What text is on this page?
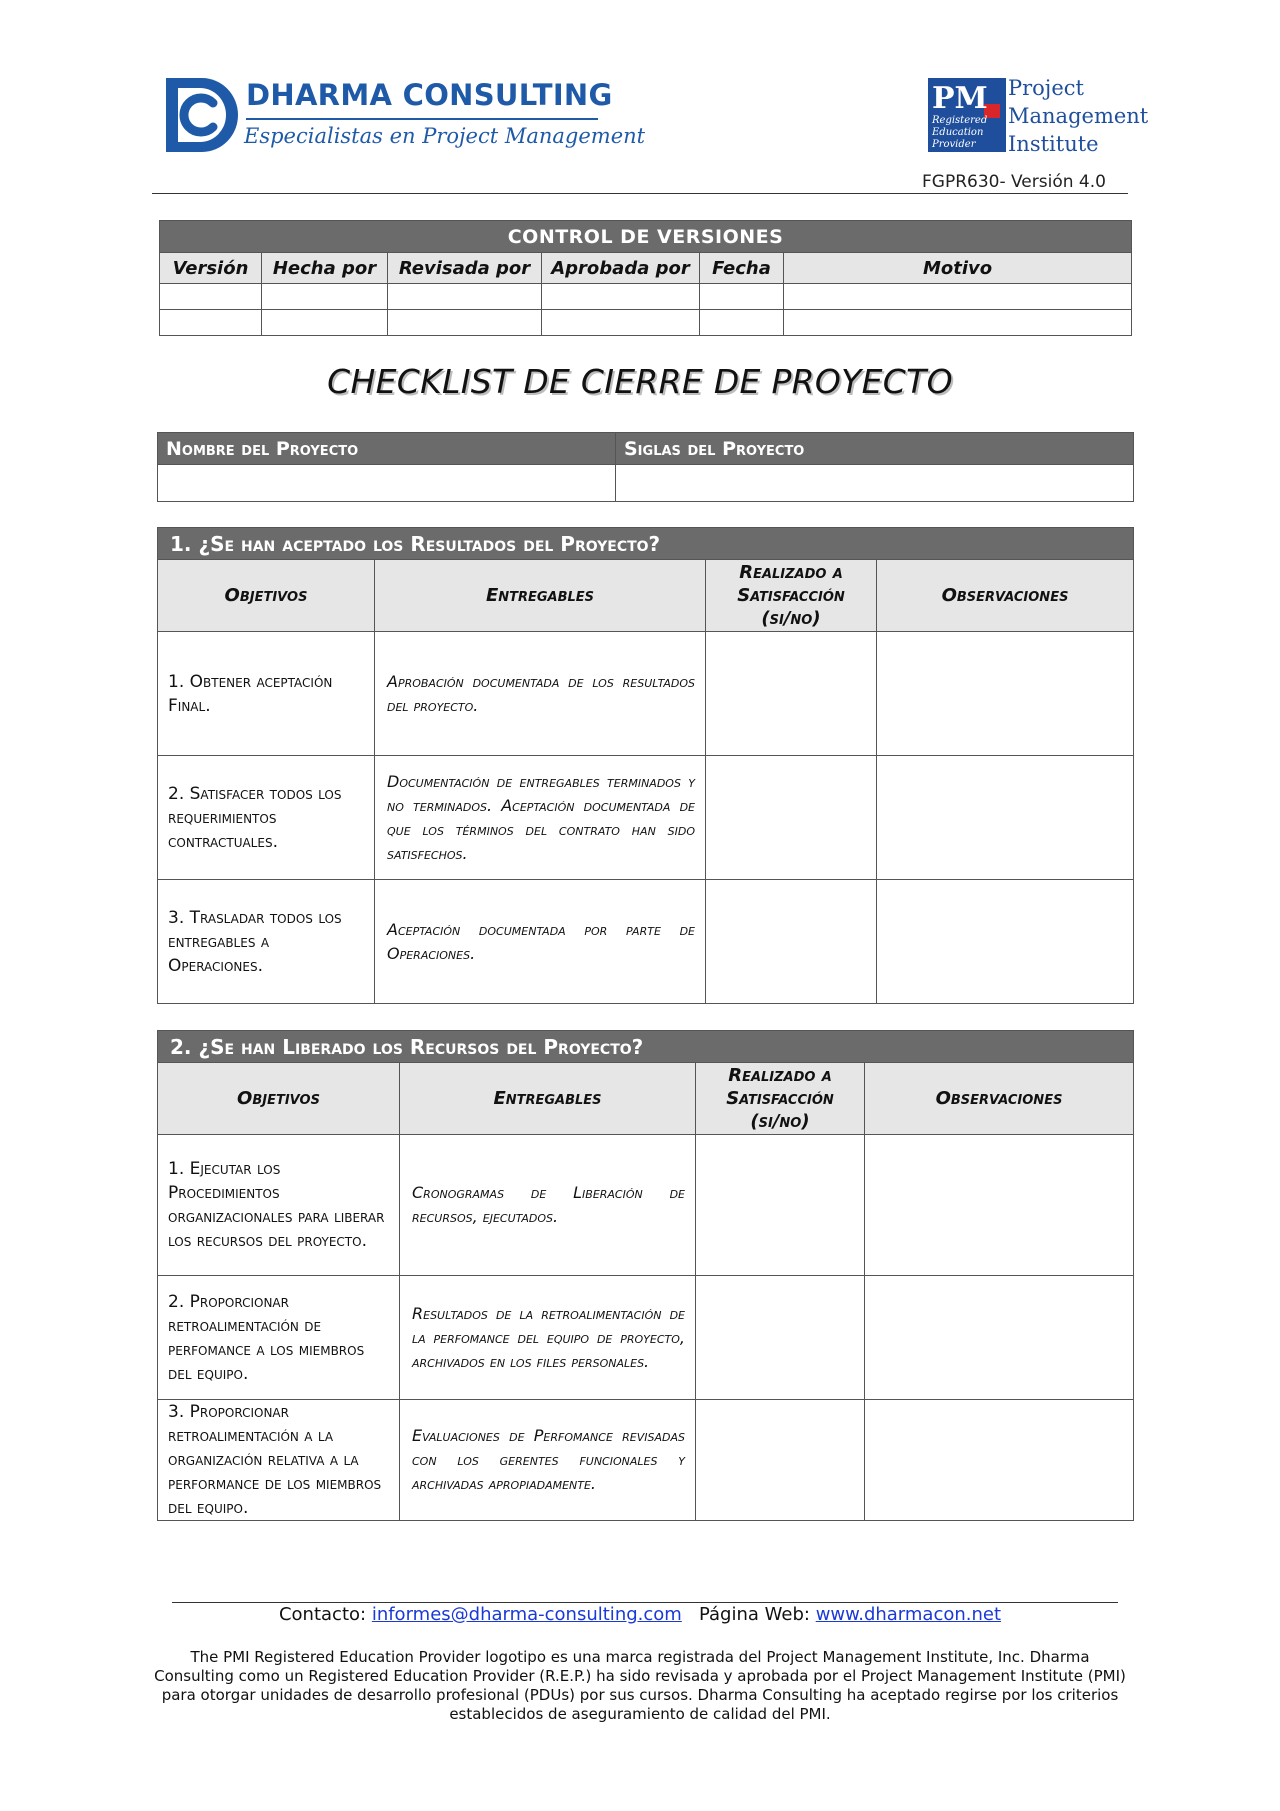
DHARMA CONSULTING
Especialistas en Project Management
PM
Registered
Education
Provider
Project
Management
Institute
FGPR630- Versión 4.0
CONTROL DE VERSIONES					
Versión	Hecha por	Revisada por	Aprobada por	Fecha	Motivo

CHECKLIST DE CIERRE DE PROYECTO
Nombre del Proyecto	Siglas del Proyecto

1. ¿Se han aceptado los Resultados del Proyecto?			
Objetivos	Entregables	Realizado a Satisfacción (si/no)	Observaciones
1. Obtener aceptación Final.	Aprobación documentada de los resultados del proyecto.		
2. Satisfacer todos los requerimientos contractuales.	Documentación de entregables terminados y no terminados. Aceptación documentada de que los términos del contrato han sido satisfechos.		
3. Trasladar todos los entregables a Operaciones.	Aceptación documentada por parte de Operaciones.		
2. ¿Se han Liberado los Recursos del Proyecto?			
Objetivos	Entregables	Realizado a Satisfacción (si/no)	Observaciones
1. Ejecutar los Procedimientos organizacionales para liberar los recursos del proyecto.	Cronogramas de Liberación de recursos, ejecutados.		
2. Proporcionar retroalimentación de perfomance a los miembros del equipo.	Resultados de la retroalimentación de la perfomance del equipo de proyecto, archivados en los files personales.		
3. Proporcionar retroalimentación a la organización relativa a la performance de los miembros del equipo.	Evaluaciones de Perfomance revisadas con los gerentes funcionales y archivadas apropiadamente.		
Contacto: informes@dharma-consulting.com Página Web: www.dharmacon.net
The PMI Registered Education Provider logotipo es una marca registrada del Project Management Institute, Inc. Dharma Consulting como un Registered Education Provider (R.E.P.) ha sido revisada y aprobada por el Project Management Institute (PMI) para otorgar unidades de desarrollo profesional (PDUs) por sus cursos. Dharma Consulting ha aceptado regirse por los criterios establecidos de aseguramiento de calidad del PMI.
